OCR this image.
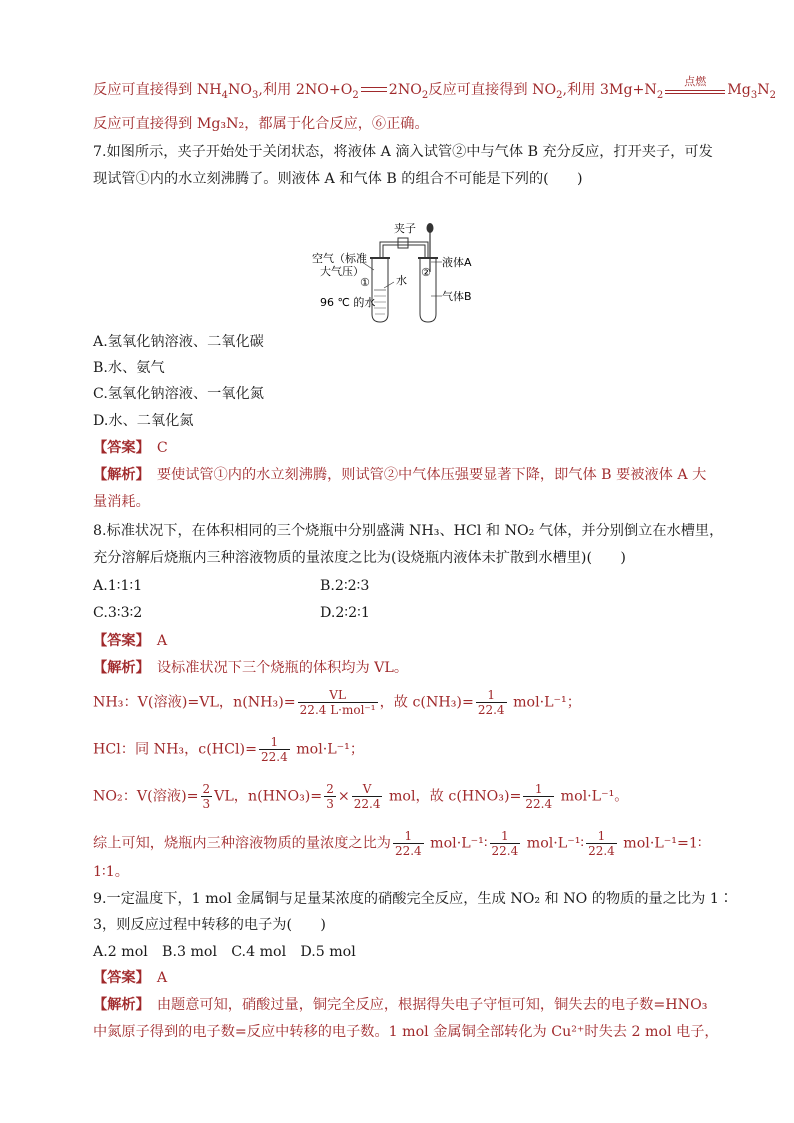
反应可直接得到 $NH_4NO_3$,利用 $2NO+O_2$ $2NO_2$反应可直接得到 $NO_2$,利用 $3Mg+N_2$
点燃
$Mg_3N_2$
反应可直接得到 Mg₃N₂，都属于化合反应，⑥正确。
7.如图所示，夹子开始处于关闭状态，将液体 A 滴入试管②中与气体 B 充分反应，打开夹子，可发
现试管①内的水立刻沸腾了。则液体 A 和气体 B 的组合不可能是下列的(　　)
夹子
空气（标准
大气压）
①
②
水
96 ℃ 的水
液体A
气体B
A.氢氧化钠溶液、二氧化碳
B.水、氨气
C.氢氧化钠溶液、一氧化氮
D.水、二氧化氮
【答案】　 C
【解析】　 要使试管①内的水立刻沸腾，则试管②中气体压强要显著下降，即气体 B 要被液体 A 大
量消耗。
8.标准状况下，在体积相同的三个烧瓶中分别盛满 NH₃、HCl 和 NO₂ 气体，并分别倒立在水槽里，
充分溶解后烧瓶内三种溶液物质的量浓度之比为(设烧瓶内液体未扩散到水槽里)(　　)
A.1∶1∶1	B.2∶2∶3
C.3∶3∶2	D.2∶2∶1
【答案】　 A
【解析】　 设标准状况下三个烧瓶的体积均为 VL。
NH₃：V(溶液)=VL，$n(NH_3)= \frac{VL}{\text{22.4 L·mol⁻¹}}$ ，故 $c(NH_3)= \frac{1}{22.4} mol\cdot L^{-1}$；
HCl：同 NH₃，$c(HCl)= \frac{1}{22.4} mol\cdot L^{-1}$；
NO₂：V(溶液)= $\frac{2}{3}$ VL，$n(HNO_3)= \frac{2}{3} \times \frac{V}{22.4}$ mol，故 $c(HNO_3)= \frac{1}{22.4} mol\cdot L^{-1}$。
综上可知，烧瓶内三种溶液物质的量浓度之比为 $\frac{1}{22.4}$ mol·L⁻¹∶ $\frac{1}{22.4}$ mol·L⁻¹∶ $\frac{1}{22.4}$ mol·L⁻¹=1∶
1∶1。
9.一定温度下，1 mol 金属铜与足量某浓度的硝酸完全反应，生成 NO₂ 和 NO 的物质的量之比为 1∶
3，则反应过程中转移的电子为(　　)
A.2 mol　B.3 mol　C.4 mol　D.5 mol
【答案】　 A
【解析】　 由题意可知，硝酸过量，铜完全反应，根据得失电子守恒可知，铜失去的电子数=HNO₃
中氮原子得到的电子数=反应中转移的电子数。1 mol 金属铜全部转化为 Cu²⁺时失去 2 mol 电子，
